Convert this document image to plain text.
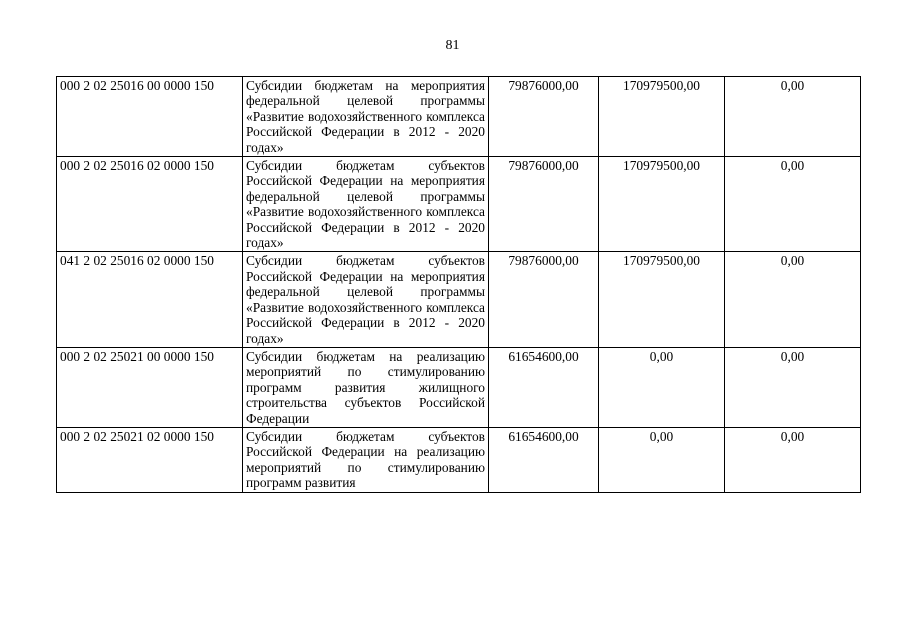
81
000 2 02 25016 00 0000 150	Субсидии бюджетам на мероприятия федеральной целевой программы «Развитие водохозяйственного комплекса Российской Федерации в 2012 - 2020 годах»	79876000,00	170979500,00	0,00
000 2 02 25016 02 0000 150	Субсидии бюджетам субъектов Российской Федерации на мероприятия федеральной целевой программы «Развитие водохозяйственного комплекса Российской Федерации в 2012 - 2020 годах»	79876000,00	170979500,00	0,00
041 2 02 25016 02 0000 150	Субсидии бюджетам субъектов Российской Федерации на мероприятия федеральной целевой программы «Развитие водохозяйственного комплекса Российской Федерации в 2012 - 2020 годах»	79876000,00	170979500,00	0,00
000 2 02 25021 00 0000 150	Субсидии бюджетам на реализацию мероприятий по стимулированию программ развития жилищного строительства субъектов Российской Федерации	61654600,00	0,00	0,00
000 2 02 25021 02 0000 150	Субсидии бюджетам субъектов Российской Федерации на реализацию мероприятий по стимулированию программ развития	61654600,00	0,00	0,00
